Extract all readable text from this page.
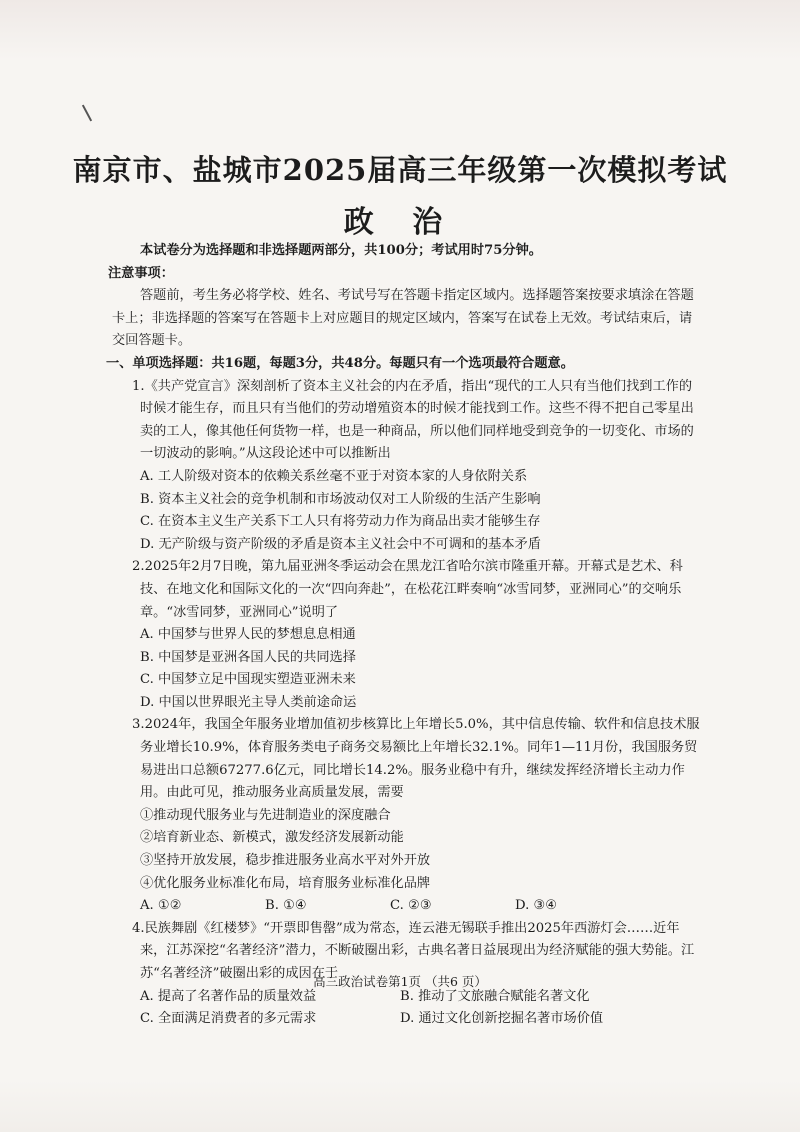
南京市、盐城市2025届高三年级第一次模拟考试
政 治

本试卷分为选择题和非选择题两部分，共100分；考试用时75分钟。

注意事项：

答题前，考生务必将学校、姓名、考试号写在答题卡指定区域内。选择题答案按要求填涂在答题卡上；非选择题的答案写在答题卡上对应题目的规定区域内，答案写在试卷上无效。考试结束后，请交回答题卡。

一、单项选择题：共16题，每题3分，共48分。每题只有一个选项最符合题意。

1.《共产党宣言》深刻剖析了资本主义社会的内在矛盾，指出“现代的工人只有当他们找到工作的时候才能生存，而且只有当他们的劳动增殖资本的时候才能找到工作。这些不得不把自己零星出卖的工人，像其他任何货物一样，也是一种商品，所以他们同样地受到竞争的一切变化、市场的一切波动的影响。”从这段论述中可以推断出

A. 工人阶级对资本的依赖关系丝毫不亚于对资本家的人身依附关系

B. 资本主义社会的竞争机制和市场波动仅对工人阶级的生活产生影响

C. 在资本主义生产关系下工人只有将劳动力作为商品出卖才能够生存

D. 无产阶级与资产阶级的矛盾是资本主义社会中不可调和的基本矛盾

2.2025年2月7日晚，第九届亚洲冬季运动会在黑龙江省哈尔滨市隆重开幕。开幕式是艺术、科技、在地文化和国际文化的一次“四向奔赴”，在松花江畔奏响“冰雪同梦，亚洲同心”的交响乐章。“冰雪同梦，亚洲同心”说明了

A. 中国梦与世界人民的梦想息息相通

B. 中国梦是亚洲各国人民的共同选择

C. 中国梦立足中国现实塑造亚洲未来

D. 中国以世界眼光主导人类前途命运

3.2024年，我国全年服务业增加值初步核算比上年增长5.0%，其中信息传输、软件和信息技术服务业增长10.9%，体育服务类电子商务交易额比上年增长32.1%。同年1—11月份，我国服务贸易进出口总额67277.6亿元，同比增长14.2%。服务业稳中有升，继续发挥经济增长主动力作用。由此可见，推动服务业高质量发展，需要

①推动现代服务业与先进制造业的深度融合

②培育新业态、新模式，激发经济发展新动能

③坚持开放发展，稳步推进服务业高水平对外开放

④优化服务业标准化布局，培育服务业标准化品牌

A. ①②	B. ①④	C. ②③	D. ③④

4.民族舞剧《红楼梦》“开票即售罄”成为常态，连云港无锡联手推出2025年西游灯会……近年来，江苏深挖“名著经济”潜力，不断破圈出彩，古典名著日益展现出为经济赋能的强大势能。江苏“名著经济”破圈出彩的成因在于

A. 提高了名著作品的质量效益	B. 推动了文旅融合赋能名著文化
C. 全面满足消费者的多元需求	D. 通过文化创新挖掘名著市场价值
高三政治试卷第1页 （共6 页）
